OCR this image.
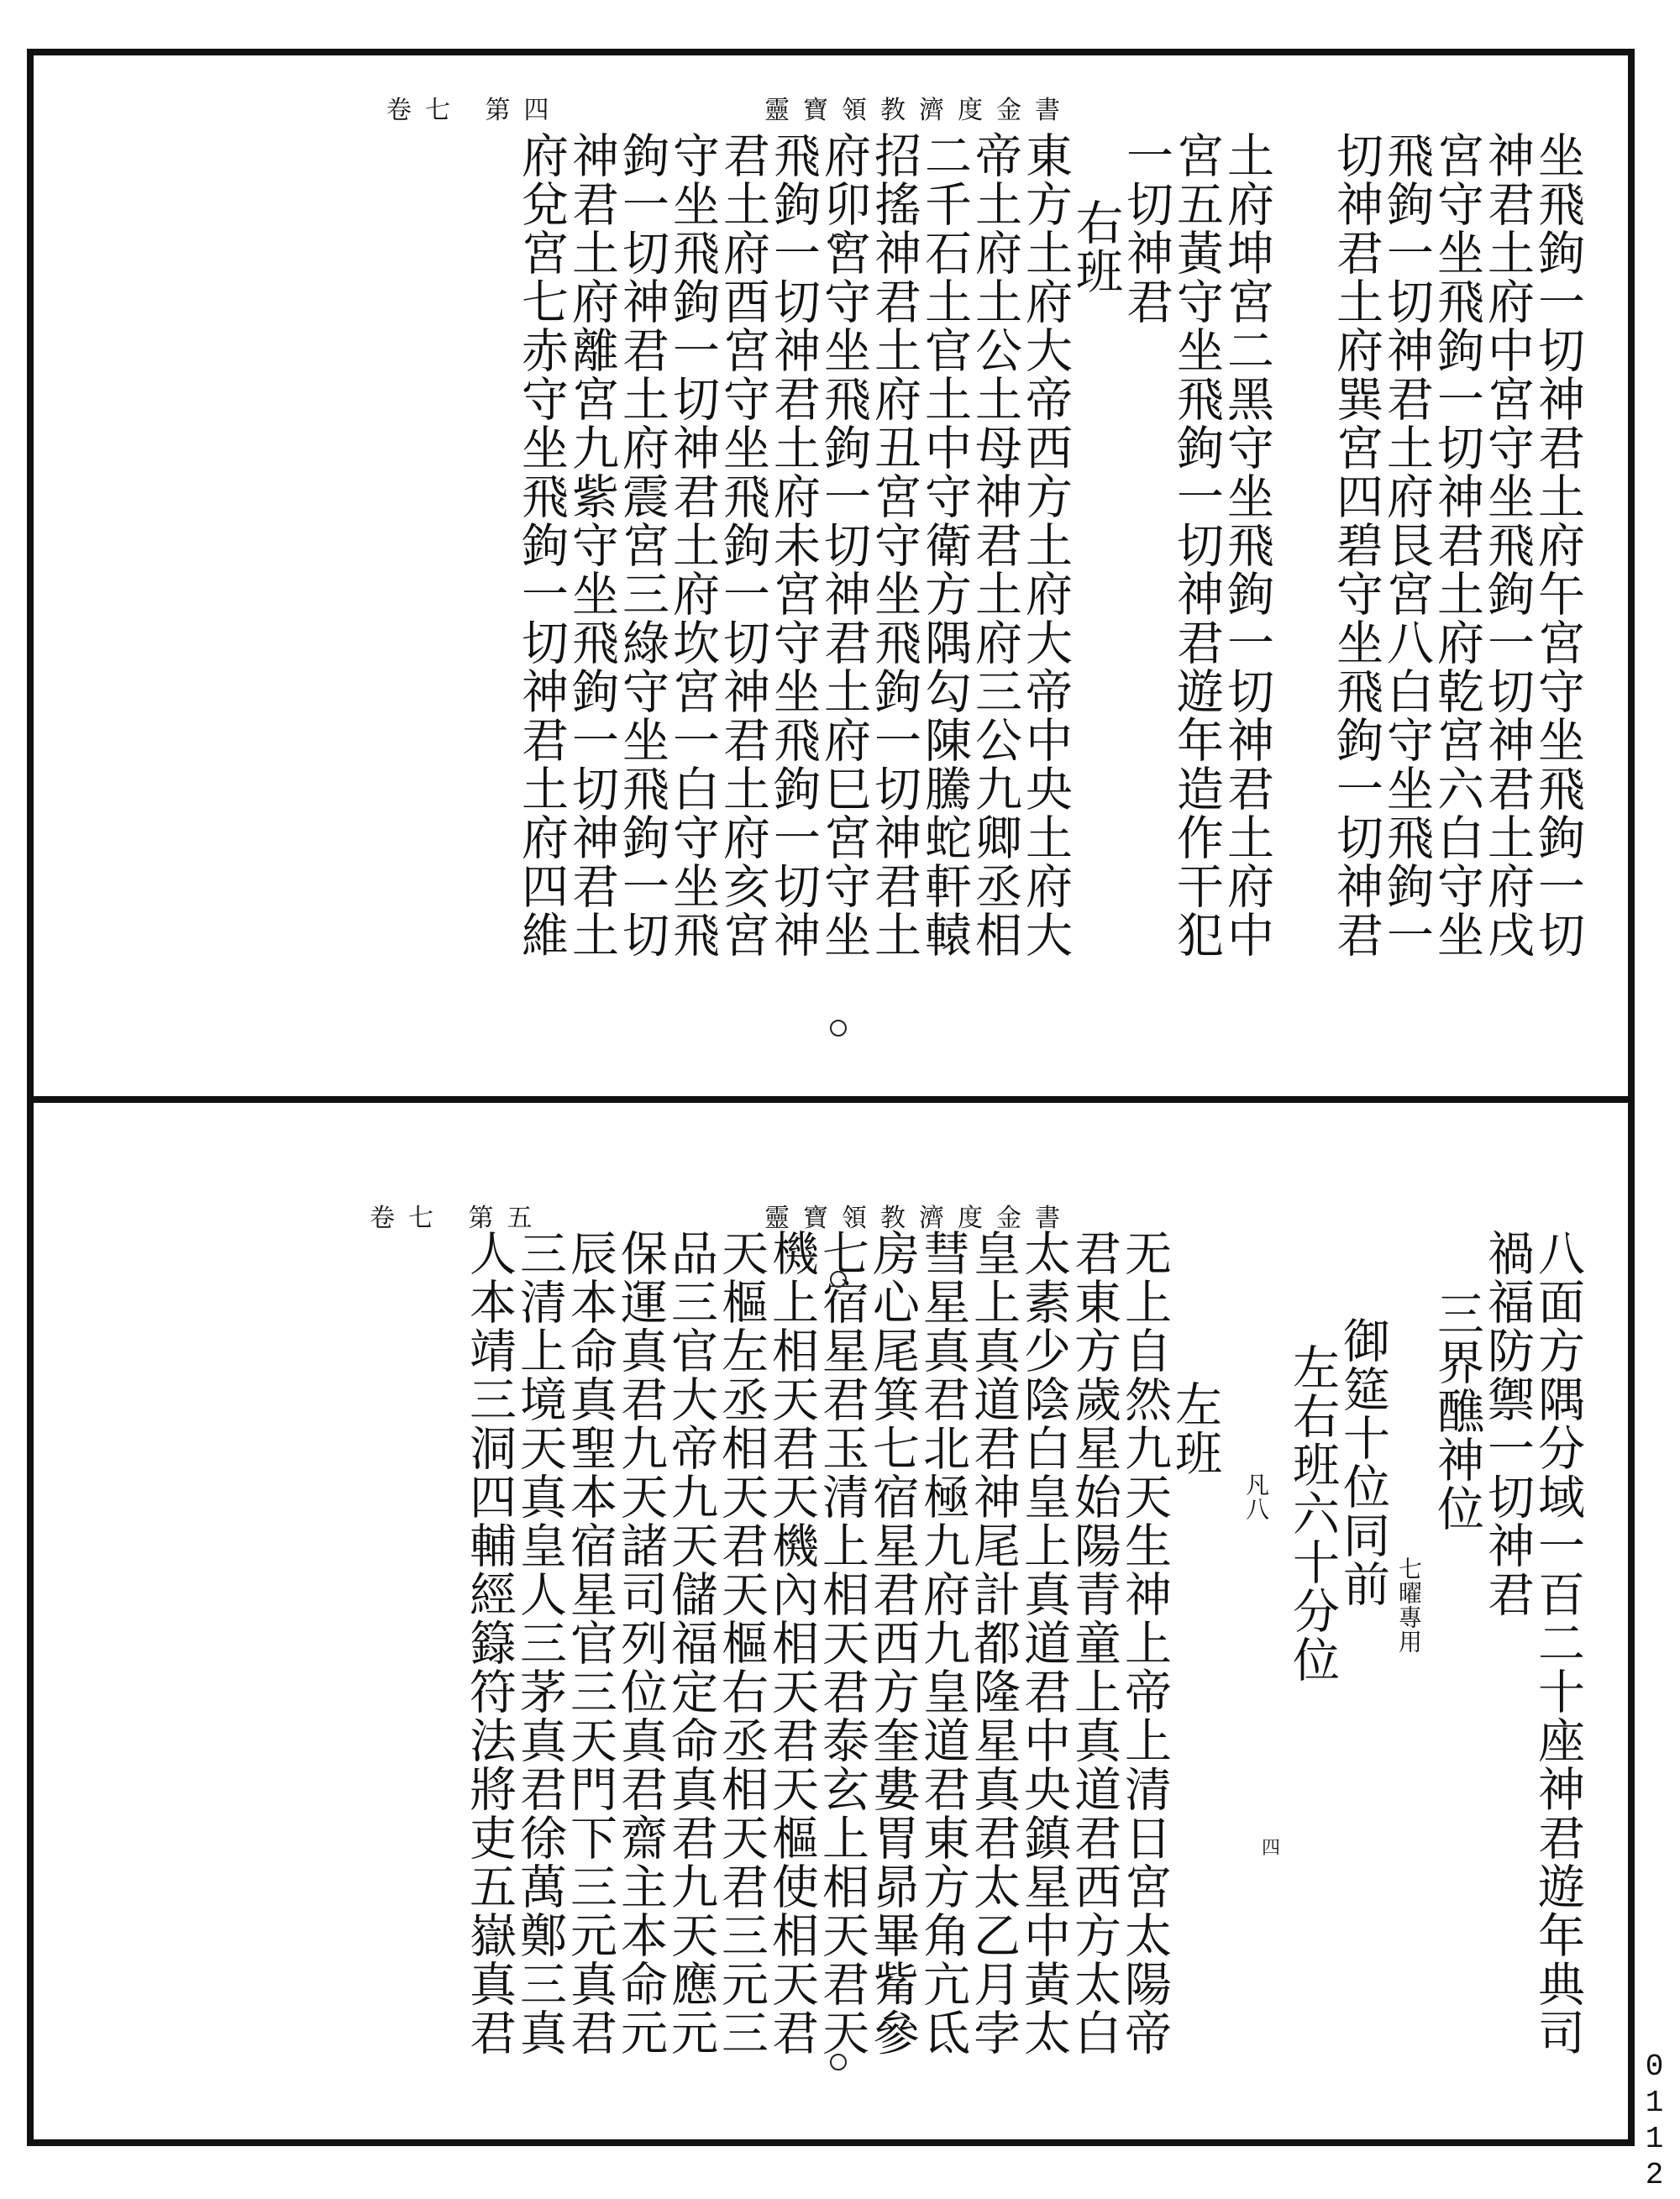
靈寶領教濟度金書
卷七 第四
坐飛鉤一切神君土府午宮守坐飛鉤一切
神君土府中宮守坐飛鉤一切神君土府戌
宮守坐飛鉤一切神君土府乾宮六白守坐
飛鉤一切神君土府艮宮八白守坐飛鉤一
切神君土府巽宮四碧守坐飛鉤一切神君
土府坤宮二黑守坐飛鉤一切神君土府中
宮五黃守坐飛鉤一切神君遊年造作干犯
一切神君
右班
東方土府大帝西方土府大帝中央土府大
帝土府土公土母神君土府三公九卿丞相
二千石土官土中守衛方隅勾陳騰蛇軒轅
招搖神君土府丑宮守坐飛鉤一切神君土
府卯宮守坐飛鉤一切神君土府巳宮守坐
飛鉤一切神君土府未宮守坐飛鉤一切神
君土府酉宮守坐飛鉤一切神君土府亥宮
守坐飛鉤一切神君土府坎宮一白守坐飛
鉤一切神君土府震宮三綠守坐飛鉤一切
神君土府離宮九紫守坐飛鉤一切神君土
府兌宮七赤守坐飛鉤一切神君土府四維
靈寶領教濟度金書
卷七 第五
八面方隅分域一百二十座神君遊年典司
禍福防禦一切神君
三界醮神位
七曜專用
御筵十位同前
左右班六十分位
凡八
左班
四
无上自然九天生神上帝上清日宮太陽帝
君東方歲星始陽青童上真道君西方太白
太素少陰白皇上真道君中央鎮星中黃太
皇上真道君神尾計都隆星真君太乙月孛
彗星真君北極九府九皇道君東方角亢氐
房心尾箕七宿星君西方奎婁胃昴畢觜參
七宿星君玉清上相天君泰玄上相天君天
機上相天君天機內相天君天樞使相天君
天樞左丞相天君天樞右丞相天君三元三
品三官大帝九天儲福定命真君九天應元
保運真君九天諸司列位真君齋主本命元
辰本命真聖本宿星官三天門下三元真君
三清上境天真皇人三茅真君徐萬鄭三真
人本靖三洞四輔經籙符法將吏五嶽真君
0112
